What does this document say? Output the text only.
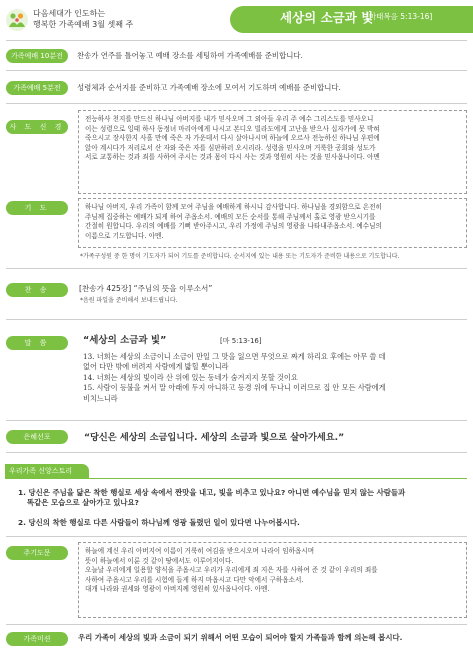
다음세대가 인도하는
행복한 가족예배 3월 셋째 주	세상의 소금과 빛
[마태복음 5:13-16]
가족예배 10분전	찬송가 연주를 틀어놓고 예배 장소를 세팅하여 가족예배를 준비합니다.
가족예배 5분전	성령체과 순서지를 준비하고 가족예배 장소에 모여서 기도하며 예배를 준비합니다.
사 도 신 경
전능하사 천지를 만드신 하나님 아버지를 내가 믿사오며 그 외아들 우리 주 예수 그리스도를 믿사오니
이는 성령으로 잉태 하사 동정녀 마리아에게 나시고 본디오 빌라도에게 고난을 받으사 십자가에 못 박혀
죽으시고 장사한지 사흘 만에 죽은 자 가운데서 다시 살아나시며 하늘에 오르사 전능하신 하나님 우편에
앉아 계시다가 저리로서 산 자와 죽은 자를 심판하러 오시리라. 성령을 믿사오며 거룩한 공회와 성도가
서로 교통하는 것과 죄를 사하여 주시는 것과 몸이 다시 사는 것과 영원히 사는 것을 믿사옵나이다. 아멘
기 도	하나님 아버지, 우리 가족이 함께 모여 주님을 예배하게 하시니 감사합니다. 하나님을 경외함으로 온전히
주님께 집중하는 예배가 되게 하여 주옵소서. 예배의 모든 순서를 통해 주님께서 홀로 영광 받으시기를
간절히 원합니다. 우리의 예배를 기뻐 받아주시고, 우리 가정에 주님의 영광을 나타내주옵소서. 예수님의
이름으로 기도합니다. 아멘.
*가족구성원 중 한 명이 기도자가 되어 기도를 준비합니다. 순서지에 있는 내용 또는 기도자가 준비한 내용으로 기도합니다.
찬 송	[찬송가 425장] “주님의 뜻을 이루소서”
*음원 파일을 준비해서 보내드립니다.
말 씀	“세상의 소금과 빛”	[마 5:13-16]
13. 너희는 세상의 소금이니 소금이 만일 그 맛을 잃으면 무엇으로 짜게 하리요 후에는 아무 쓸 데
없어 다만 밖에 버려져 사람에게 밟힐 뿐이니라
14. 너희는 세상의 빛이라 산 위에 있는 동네가 숨겨지지 못할 것이요
15. 사람이 등불을 켜서 말 아래에 두지 아니하고 등경 위에 두나니 이러므로 집 안 모든 사람에게
비치느니라
은혜선포	“당신은 세상의 소금입니다. 세상의 소금과 빛으로 살아가세요.”
우리가족 신앙스토리
1. 당신은 주님을 닮은 착한 행실로 세상 속에서 짠맛을 내고, 빛을 비추고 있나요? 아니면 예수님을 믿지 않는 사람들과
똑같은 모습으로 살아가고 있나요?
2. 당신의 착한 행실로 다른 사람들이 하나님께 영광 돌렸던 일이 있다면 나누어봅시다.
주기도문	하늘에 계신 우리 아버지여 이름이 거룩히 여김을 받으시오며 나라이 임하옵시며
뜻이 하늘에서 이룬 것 같이 땅에서도 이루어지이다.
오늘날 우리에게 일용할 양식을 주옵시고 우리가 우리에게 죄 지은 자를 사하여 준 것 같이 우리의 죄를
사하여 주옵시고 우리를 시험에 들게 하지 마옵시고 다만 악에서 구하옵소서.
대개 나라와 권세와 영광이 아버지께 영원히 있사옵나이다. 아멘.
가족미션	우리 가족이 세상의 빛과 소금이 되기 위해서 어떤 모습이 되어야 할지 가족들과 함께 의논해 봅시다.
